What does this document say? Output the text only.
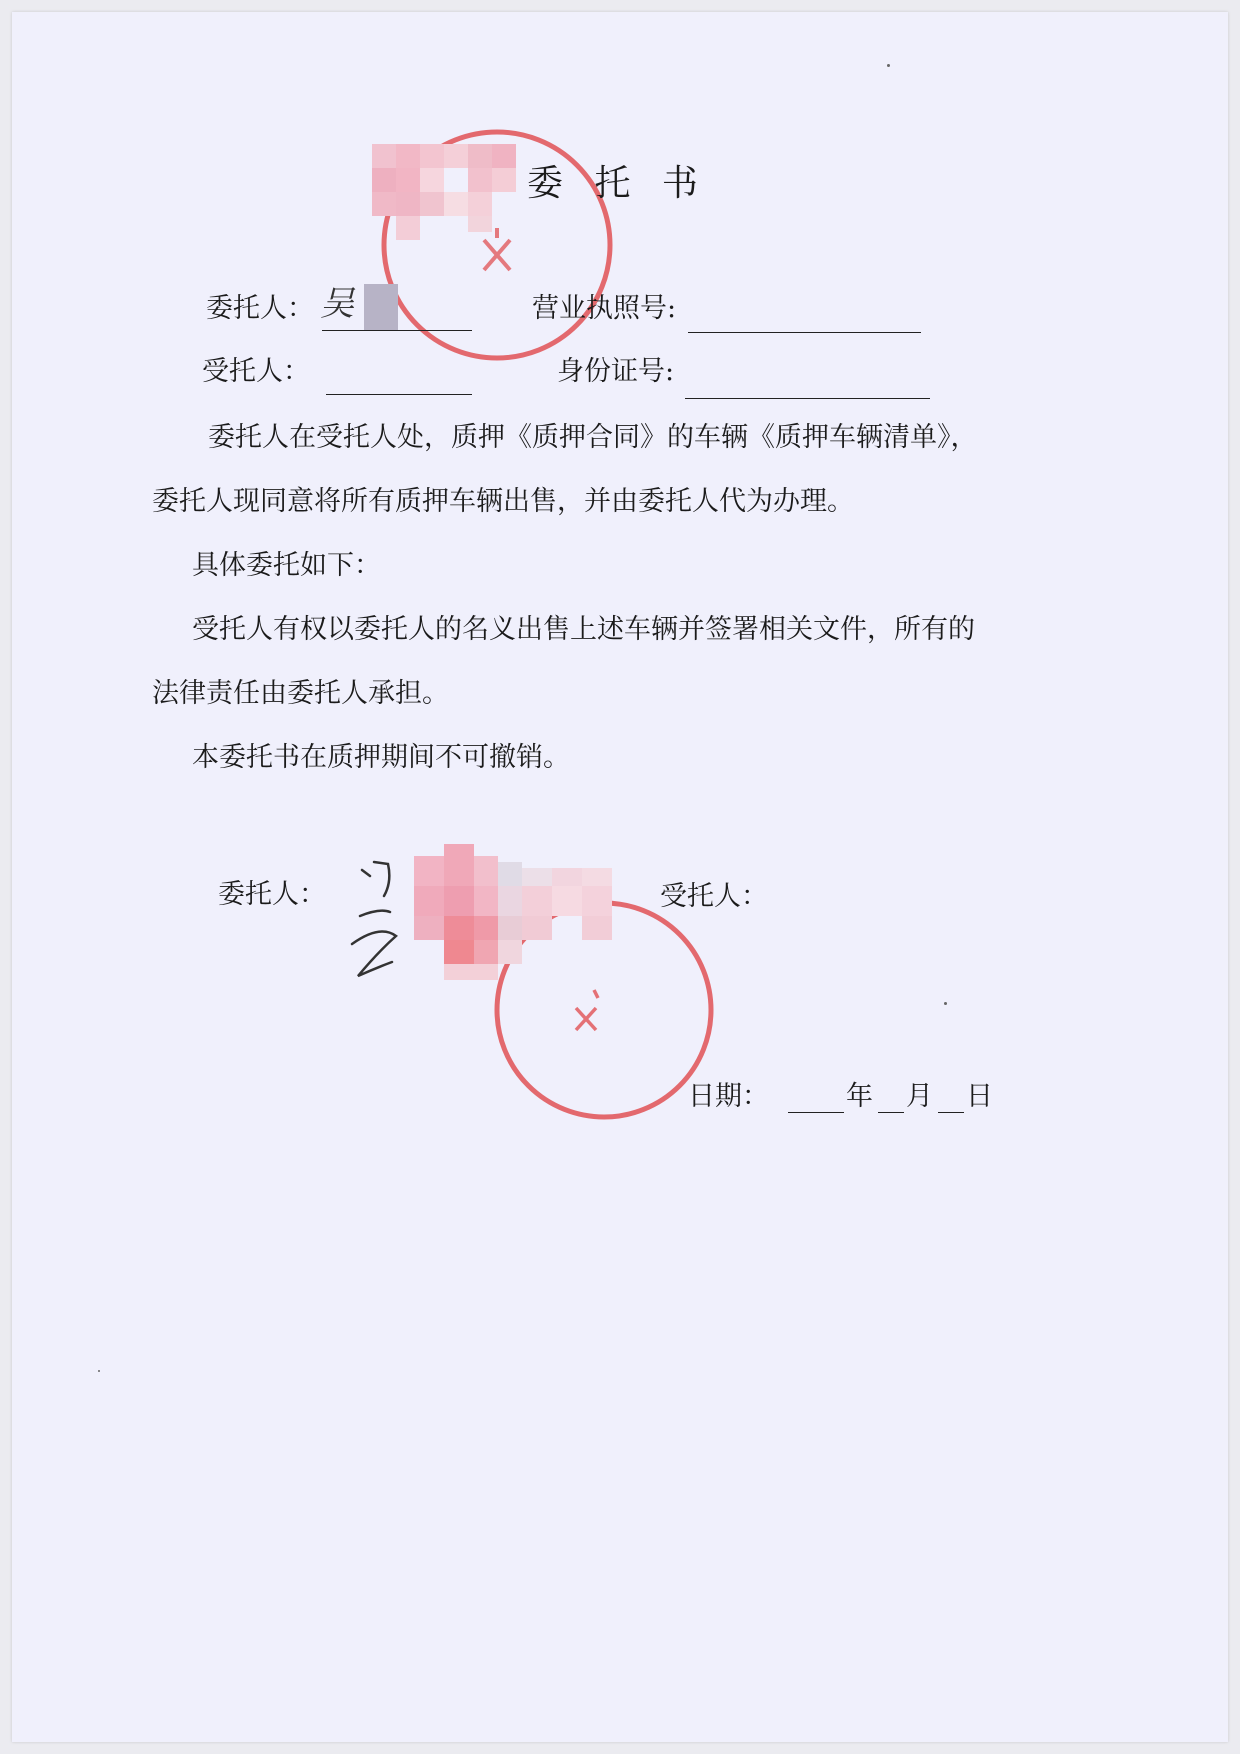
委 托 书
委托人： 吴	营业执照号:
受托人：	身份证号:
委托人在受托人处，质押《质押合同》的车辆《质押车辆清单》，
委托人现同意将所有质押车辆出售，并由委托人代为办理。
具体委托如下：
受托人有权以委托人的名义出售上述车辆并签署相关文件，所有的
法律责任由委托人承担。
本委托书在质押期间不可撤销。
委托人：	受托人：
日期：	年 月 日
